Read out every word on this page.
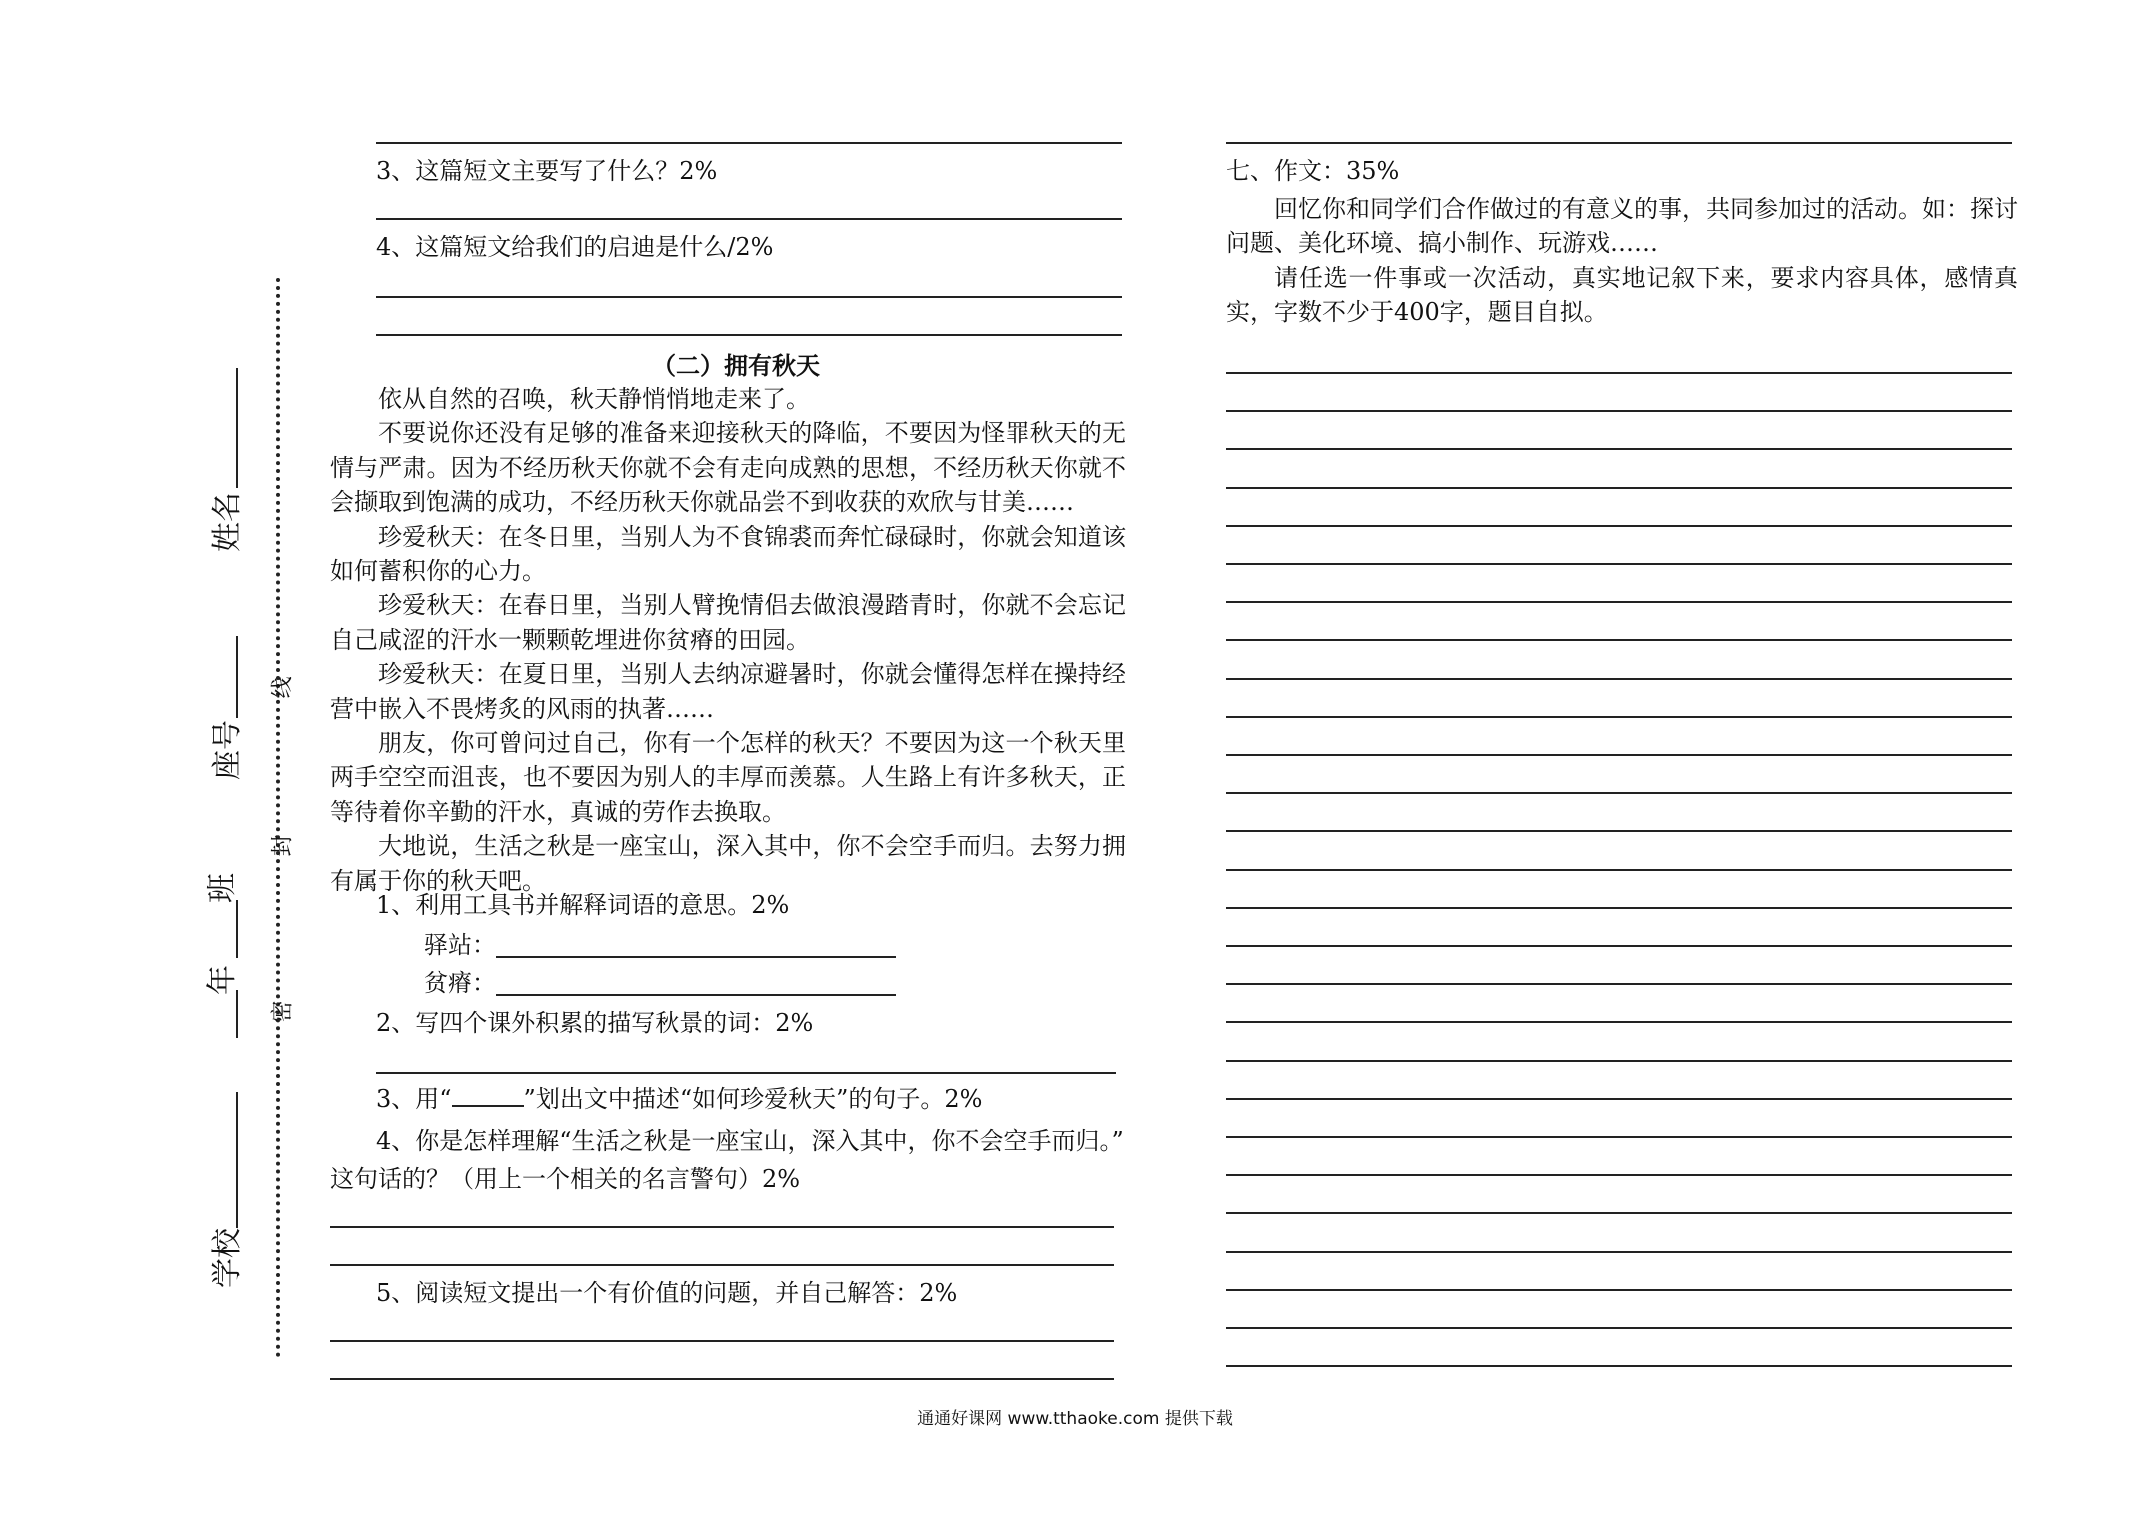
姓名
座号
班
年
学校
线
封
密
3、这篇短文主要写了什么？2%
4、这篇短文给我们的启迪是什么/2%
（二）拥有秋天

依从自然的召唤，秋天静悄悄地走来了。

不要说你还没有足够的准备来迎接秋天的降临，不要因为怪罪秋天的无情与严肃。因为不经历秋天你就不会有走向成熟的思想，不经历秋天你就不会撷取到饱满的成功，不经历秋天你就品尝不到收获的欢欣与甘美……

珍爱秋天：在冬日里，当别人为不食锦裘而奔忙碌碌时，你就会知道该如何蓄积你的心力。

珍爱秋天：在春日里，当别人臂挽情侣去做浪漫踏青时，你就不会忘记自己咸涩的汗水一颗颗乾埋进你贫瘠的田园。

珍爱秋天：在夏日里，当别人去纳凉避暑时，你就会懂得怎样在操持经营中嵌入不畏烤炙的风雨的执著……

朋友，你可曾问过自己，你有一个怎样的秋天？不要因为这一个秋天里两手空空而沮丧，也不要因为别人的丰厚而羡慕。人生路上有许多秋天，正等待着你辛勤的汗水，真诚的劳作去换取。

大地说，生活之秋是一座宝山，深入其中，你不会空手而归。去努力拥有属于你的秋天吧。

1、利用工具书并解释词语的意思。2%
驿站：
贫瘠：
2、写四个课外积累的描写秋景的词：2%
3、用“	”划出文中描述“如何珍爱秋天”的句子。2%
4、你是怎样理解“生活之秋是一座宝山，深入其中，你不会空手而归。”
这句话的？（用上一个相关的名言警句）2%
5、阅读短文提出一个有价值的问题，并自己解答：2%
七、作文：35%

回忆你和同学们合作做过的有意义的事，共同参加过的活动。如：探讨问题、美化环境、搞小制作、玩游戏……

请任选一件事或一次活动，真实地记叙下来，要求内容具体，感情真实，字数不少于400字，题目自拟。

通通好课网 www.tthaoke.com 提供下载
